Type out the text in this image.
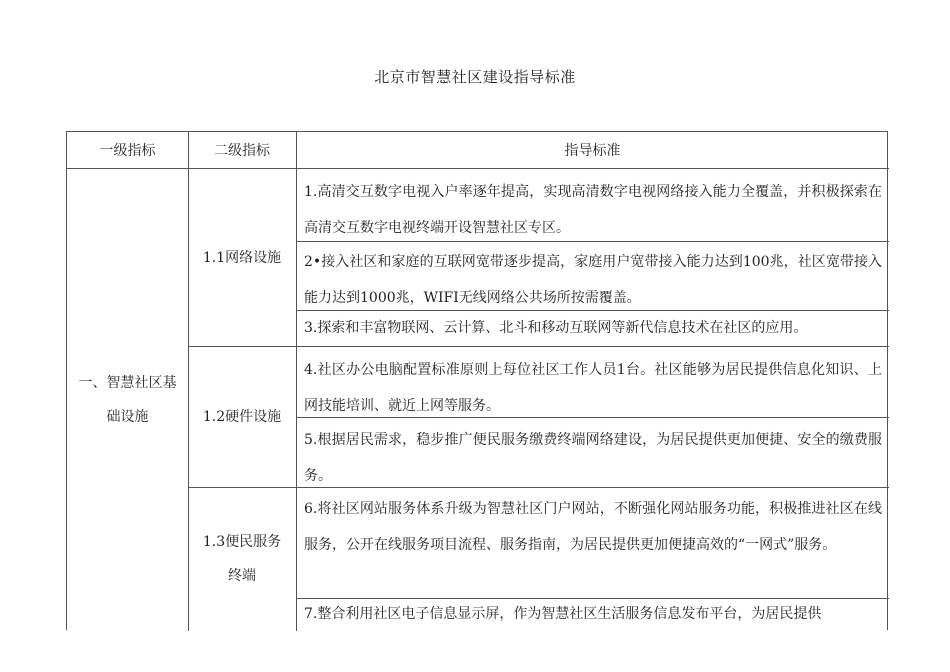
北京市智慧社区建设指导标准
一级指标	二级指标	指导标准
一、智慧社区基
础设施
1.1网络设施
1.2硬件设施
1.3便民服务
终端
1.高清交互数字电视入户率逐年提高，实现高清数字电视网络接入能力全覆盖，并积极探索在高清交互数字电视终端开设智慧社区专区。
2•接入社区和家庭的互联网宽带逐步提高，家庭用户宽带接入能力达到100兆，社区宽带接入能力达到1000兆，WIFI无线网络公共场所按需覆盖。
3.探索和丰富物联网、云计算、北斗和移动互联网等新代信息技术在社区的应用。
4.社区办公电脑配置标准原则上每位社区工作人员1台。社区能够为居民提供信息化知识、上网技能培训、就近上网等服务。
5.根据居民需求，稳步推广便民服务缴费终端网络建设，为居民提供更加便捷、安全的缴费服务。
6.将社区网站服务体系升级为智慧社区门户网站，不断强化网站服务功能，积极推进社区在线服务，公开在线服务项目流程、服务指南，为居民提供更加便捷高效的“一网式”服务。
7.整合利用社区电子信息显示屏，作为智慧社区生活服务信息发布平台，为居民提供
